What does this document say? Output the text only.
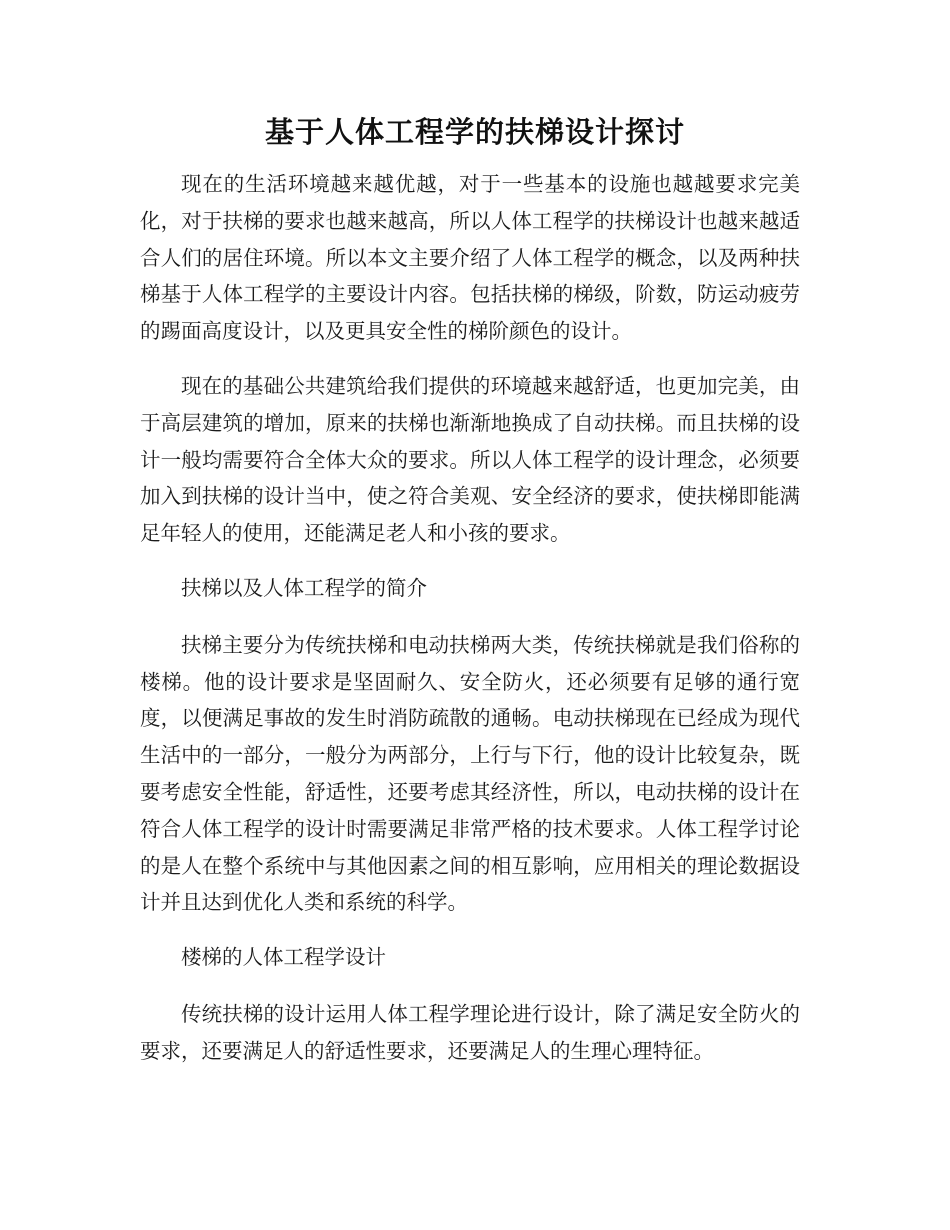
基于人体工程学的扶梯设计探讨

现在的生活环境越来越优越，对于一些基本的设施也越越要求完美化，对于扶梯的要求也越来越高，所以人体工程学的扶梯设计也越来越适合人们的居住环境。所以本文主要介绍了人体工程学的概念，以及两种扶梯基于人体工程学的主要设计内容。包括扶梯的梯级，阶数，防运动疲劳的踢面高度设计，以及更具安全性的梯阶颜色的设计。

现在的基础公共建筑给我们提供的环境越来越舒适，也更加完美，由于高层建筑的增加，原来的扶梯也渐渐地换成了自动扶梯。而且扶梯的设计一般均需要符合全体大众的要求。所以人体工程学的设计理念，必须要加入到扶梯的设计当中，使之符合美观、安全经济的要求，使扶梯即能满足年轻人的使用，还能满足老人和小孩的要求。

扶梯以及人体工程学的简介

扶梯主要分为传统扶梯和电动扶梯两大类，传统扶梯就是我们俗称的楼梯。他的设计要求是坚固耐久、安全防火，还必须要有足够的通行宽度，以便满足事故的发生时消防疏散的通畅。电动扶梯现在已经成为现代生活中的一部分，一般分为两部分，上行与下行，他的设计比较复杂，既要考虑安全性能，舒适性，还要考虑其经济性，所以，电动扶梯的设计在符合人体工程学的设计时需要满足非常严格的技术要求。人体工程学讨论的是人在整个系统中与其他因素之间的相互影响，应用相关的理论数据设计并且达到优化人类和系统的科学。

楼梯的人体工程学设计

传统扶梯的设计运用人体工程学理论进行设计，除了满足安全防火的要求，还要满足人的舒适性要求，还要满足人的生理心理特征。
